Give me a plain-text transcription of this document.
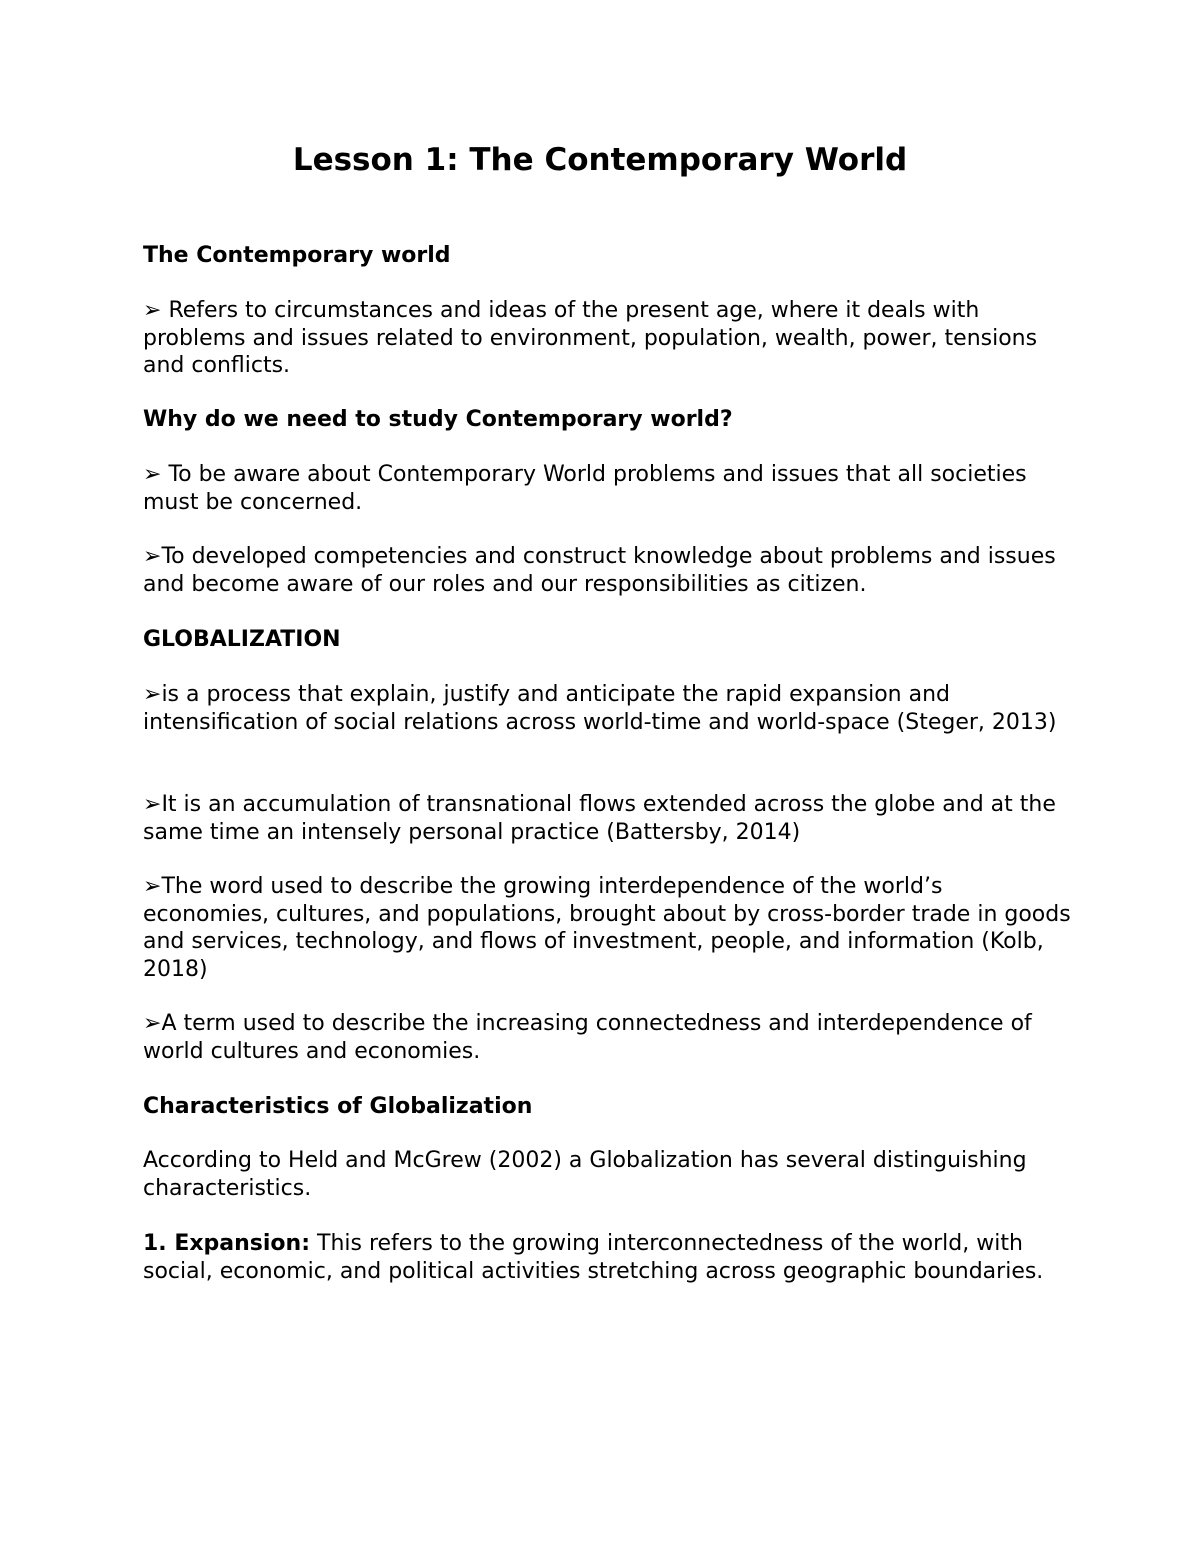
Lesson 1: The Contemporary World

The Contemporary world

➢ Refers to circumstances and ideas of the present age, where it deals with problems and issues related to environment, population, wealth, power, tensions and conflicts.

Why do we need to study Contemporary world?

➢ To be aware about Contemporary World problems and issues that all societies must be concerned.

➢To developed competencies and construct knowledge about problems and issues and become aware of our roles and our responsibilities as citizen.

GLOBALIZATION

➢is a process that explain, justify and anticipate the rapid expansion and intensification of social relations across world-time and world-space (Steger, 2013)

➢It is an accumulation of transnational flows extended across the globe and at the same time an intensely personal practice (Battersby, 2014)

➢The word used to describe the growing interdependence of the world’s economies, cultures, and populations, brought about by cross-border trade in goods and services, technology, and flows of investment, people, and information (Kolb, 2018)

➢A term used to describe the increasing connectedness and interdependence of world cultures and economies.

Characteristics of Globalization

According to Held and McGrew (2002) a Globalization has several distinguishing characteristics.

1. Expansion: This refers to the growing interconnectedness of the world, with social, economic, and political activities stretching across geographic boundaries.
